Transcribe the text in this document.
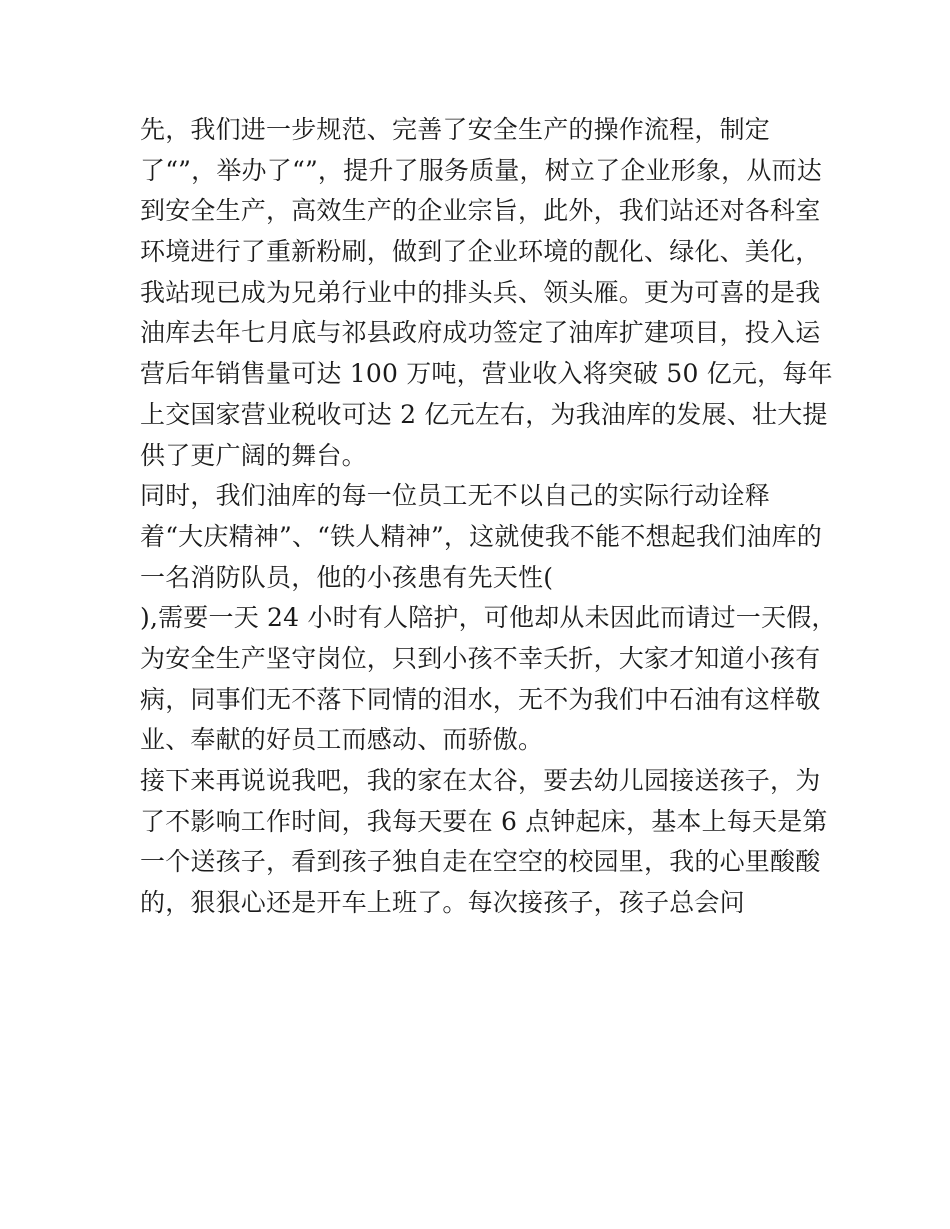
先，我们进一步规范、完善了安全生产的操作流程，制定
了“”，举办了“”，提升了服务质量，树立了企业形象，从而达
到安全生产，高效生产的企业宗旨，此外，我们站还对各科室
环境进行了重新粉刷，做到了企业环境的靓化、绿化、美化，
我站现已成为兄弟行业中的排头兵、领头雁。更为可喜的是我
油库去年七月底与祁县政府成功签定了油库扩建项目，投入运
营后年销售量可达 100 万吨，营业收入将突破 50 亿元，每年
上交国家营业税收可达 2 亿元左右，为我油库的发展、壮大提
供了更广阔的舞台。
同时，我们油库的每一位员工无不以自己的实际行动诠释
着“大庆精神”、“铁人精神”，这就使我不能不想起我们油库的
一名消防队员，他的小孩患有先天性(
),需要一天 24 小时有人陪护，可他却从未因此而请过一天假，
为安全生产坚守岗位，只到小孩不幸夭折，大家才知道小孩有
病，同事们无不落下同情的泪水，无不为我们中石油有这样敬
业、奉献的好员工而感动、而骄傲。
接下来再说说我吧，我的家在太谷，要去幼儿园接送孩子，为
了不影响工作时间，我每天要在 6 点钟起床，基本上每天是第
一个送孩子，看到孩子独自走在空空的校园里，我的心里酸酸
的，狠狠心还是开车上班了。每次接孩子，孩子总会问
